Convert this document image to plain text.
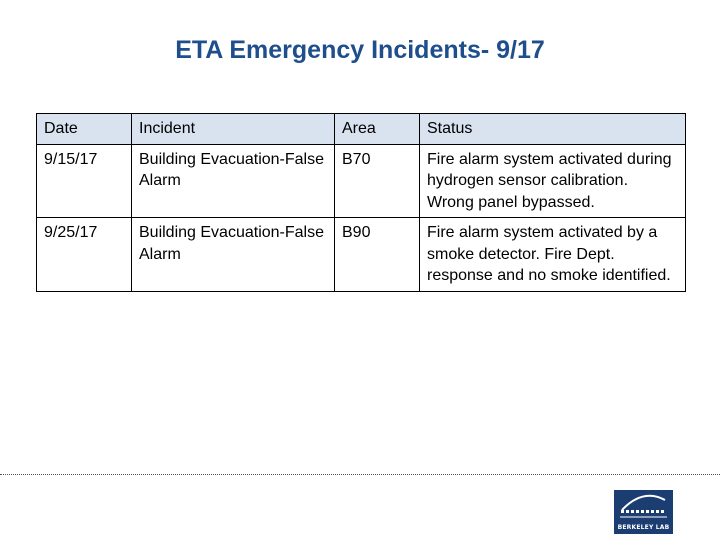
ETA Emergency Incidents- 9/17
Date	Incident	Area	Status
9/15/17	Building Evacuation-False Alarm	B70	Fire alarm system activated during hydrogen sensor calibration. Wrong panel bypassed.
9/25/17	Building Evacuation-False Alarm	B90	Fire alarm system activated by a smoke detector. Fire Dept. response and no smoke identified.
BERKELEY LAB
